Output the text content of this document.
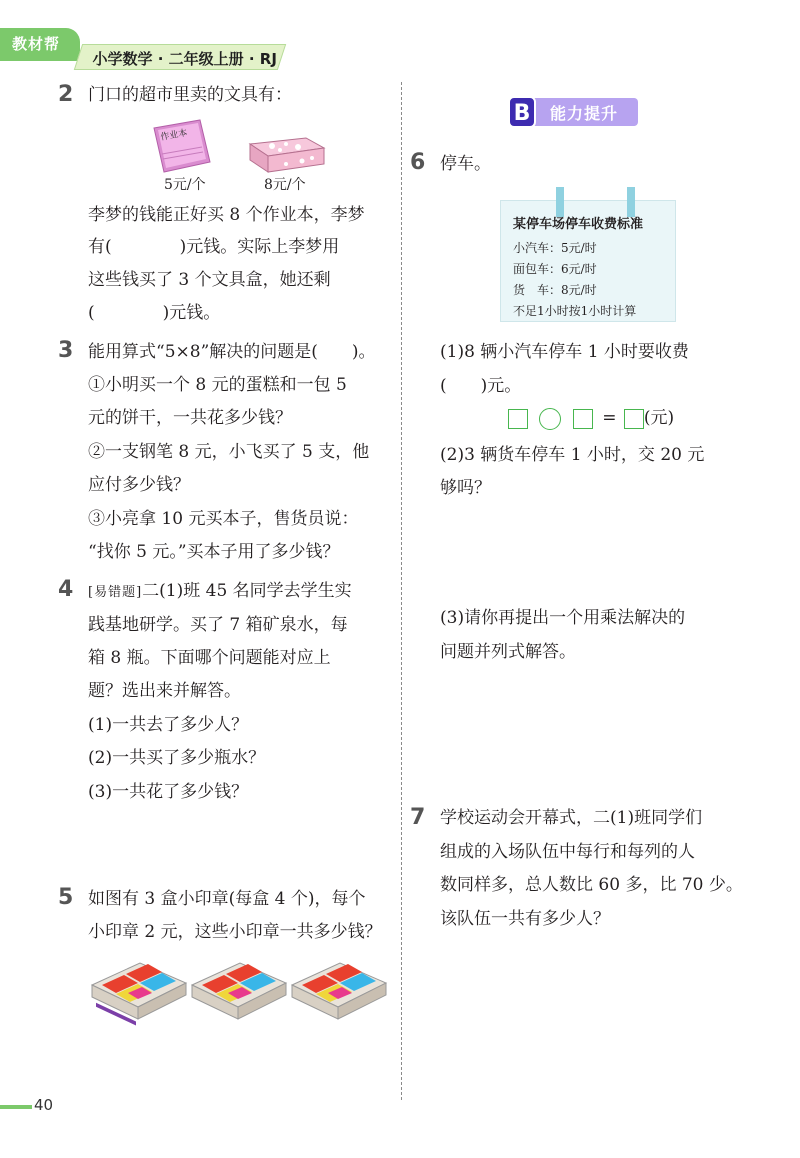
教材帮
小学数学 · 二年级上册 · RJ
2 门口的超市里卖的文具有：
作业本
5元/个	8元/个
李梦的钱能正好买 8 个作业本，李梦
有(　　　　)元钱。实际上李梦用
这些钱买了 3 个文具盒，她还剩
(　　　　)元钱。
3 能用算式“5×8”解决的问题是(　　)。
①小明买一个 8 元的蛋糕和一包 5
元的饼干，一共花多少钱？
②一支钢笔 8 元，小飞买了 5 支，他
应付多少钱？
③小亮拿 10 元买本子，售货员说：
“找你 5 元。”买本子用了多少钱？
4 [易错题]二(1)班 45 名同学去学生实
践基地研学。买了 7 箱矿泉水，每
箱 8 瓶。下面哪个问题能对应上
题？选出来并解答。
(1)一共去了多少人？
(2)一共买了多少瓶水？
(3)一共花了多少钱？
5 如图有 3 盒小印章(每盒 4 个)，每个
小印章 2 元，这些小印章一共多少钱？
B	能力提升
6 停车。
某停车场停车收费标准
小汽车：5元/时
面包车：6元/时
货　车：8元/时
不足1小时按1小时计算
(1)8 辆小汽车停车 1 小时要收费
(　　)元。
= (元)
(2)3 辆货车停车 1 小时，交 20 元
够吗？
(3)请你再提出一个用乘法解决的
问题并列式解答。
7 学校运动会开幕式，二(1)班同学们
组成的入场队伍中每行和每列的人
数同样多，总人数比 60 多，比 70 少。
该队伍一共有多少人？
40
